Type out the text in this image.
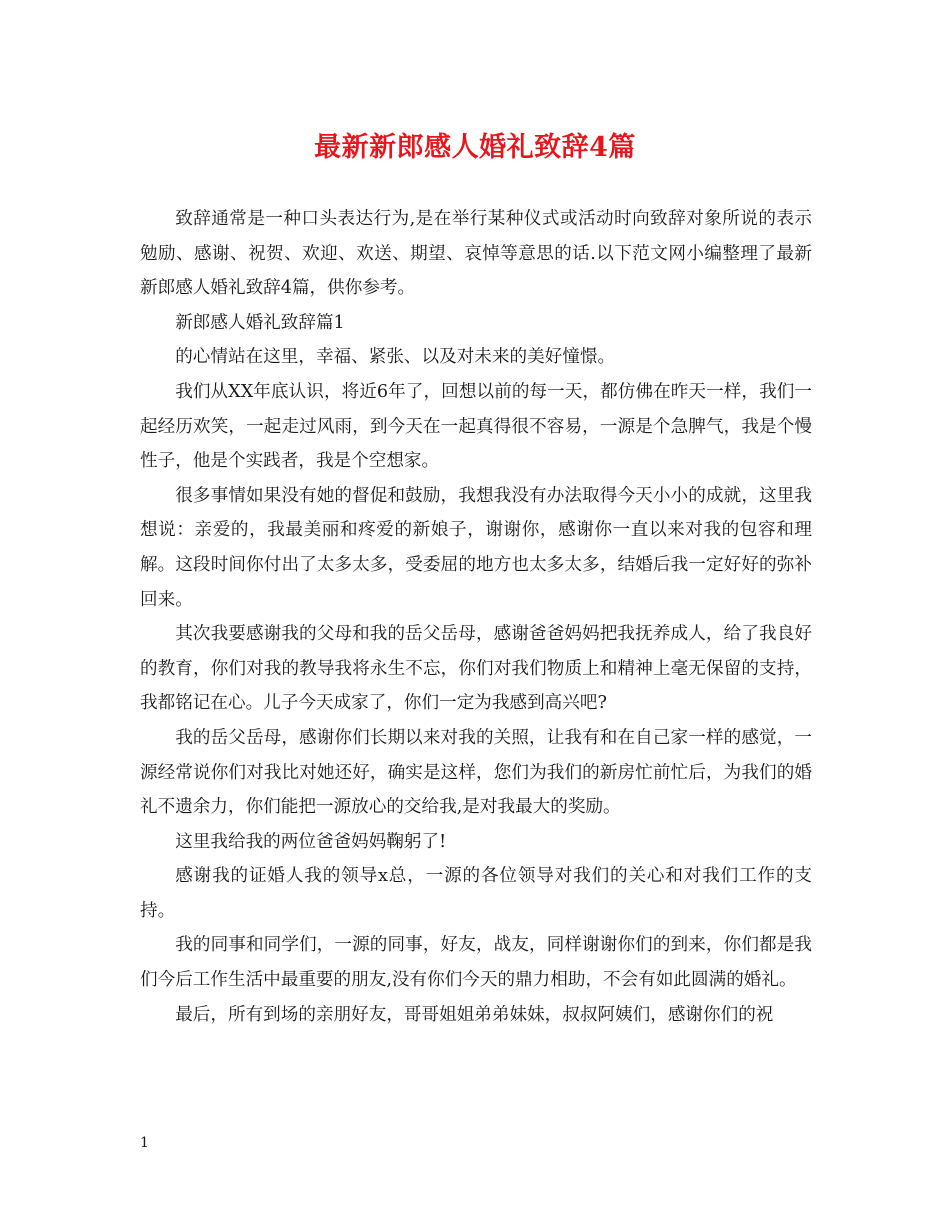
最新新郎感人婚礼致辞4篇

致辞通常是一种口头表达行为,是在举行某种仪式或活动时向致辞对象所说的表示勉励、感谢、祝贺、欢迎、欢送、期望、哀悼等意思的话.以下范文网小编整理了最新新郎感人婚礼致辞4篇，供你参考。

新郎感人婚礼致辞篇1

的心情站在这里，幸福、紧张、以及对未来的美好憧憬。

我们从XX年底认识，将近6年了，回想以前的每一天，都仿佛在昨天一样，我们一起经历欢笑，一起走过风雨，到今天在一起真得很不容易，一源是个急脾气，我是个慢性子，他是个实践者，我是个空想家。

很多事情如果没有她的督促和鼓励，我想我没有办法取得今天小小的成就，这里我想说：亲爱的，我最美丽和疼爱的新娘子，谢谢你，感谢你一直以来对我的包容和理解。这段时间你付出了太多太多，受委屈的地方也太多太多，结婚后我一定好好的弥补回来。

其次我要感谢我的父母和我的岳父岳母，感谢爸爸妈妈把我抚养成人，给了我良好的教育，你们对我的教导我将永生不忘，你们对我们物质上和精神上毫无保留的支持，我都铭记在心。儿子今天成家了，你们一定为我感到高兴吧?

我的岳父岳母，感谢你们长期以来对我的关照，让我有和在自己家一样的感觉，一源经常说你们对我比对她还好，确实是这样，您们为我们的新房忙前忙后，为我们的婚礼不遗余力，你们能把一源放心的交给我,是对我最大的奖励。

这里我给我的两位爸爸妈妈鞠躬了!

感谢我的证婚人我的领导x总，一源的各位领导对我们的关心和对我们工作的支持。

我的同事和同学们，一源的同事，好友，战友，同样谢谢你们的到来，你们都是我们今后工作生活中最重要的朋友,没有你们今天的鼎力相助，不会有如此圆满的婚礼。

最后，所有到场的亲朋好友，哥哥姐姐弟弟妹妹，叔叔阿姨们，感谢你们的祝

1
